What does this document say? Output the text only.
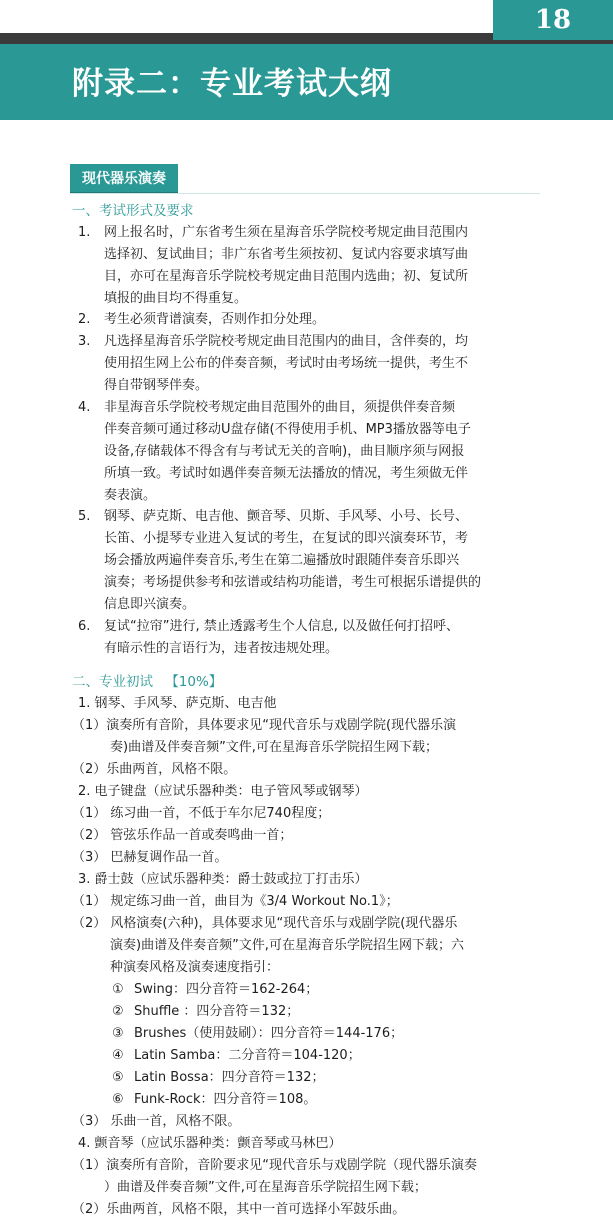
18
附录二：专业考试大纲
现代器乐演奏
一、考试形式及要求
1. 网上报名时，广东省考生须在星海音乐学院校考规定曲目范围内
选择初、复试曲目；非广东省考生须按初、复试内容要求填写曲
目，亦可在星海音乐学院校考规定曲目范围内选曲；初、复试所
填报的曲目均不得重复。
2. 考生必须背谱演奏，否则作扣分处理。
3. 凡选择星海音乐学院校考规定曲目范围内的曲目，含伴奏的，均
使用招生网上公布的伴奏音频，考试时由考场统一提供，考生不
得自带钢琴伴奏。
4. 非星海音乐学院校考规定曲目范围外的曲目，须提供伴奏音频
伴奏音频可通过移动U盘存储(不得使用手机、MP3播放器等电子
设备,存储载体不得含有与考试无关的音响)，曲目顺序须与网报
所填一致。考试时如遇伴奏音频无法播放的情况，考生须做无伴
奏表演。
5. 钢琴、萨克斯、电吉他、颤音琴、贝斯、手风琴、小号、长号、
长笛、小提琴专业进入复试的考生，在复试的即兴演奏环节，考
场会播放两遍伴奏音乐,考生在第二遍播放时跟随伴奏音乐即兴
演奏；考场提供参考和弦谱或结构功能谱，考生可根据乐谱提供的
信息即兴演奏。
6. 复试“拉帘”进行, 禁止透露考生个人信息, 以及做任何打招呼、
有暗示性的言语行为，违者按违规处理。
二、专业初试 【10%】
1. 钢琴、手风琴、萨克斯、电吉他
（1）演奏所有音阶，具体要求见“现代音乐与戏剧学院(现代器乐演
奏)曲谱及伴奏音频”文件,可在星海音乐学院招生网下载；
（2）乐曲两首，风格不限。
2. 电子键盘（应试乐器种类：电子管风琴或钢琴）
（1） 练习曲一首，不低于车尔尼740程度；
（2） 管弦乐作品一首或奏鸣曲一首；
（3） 巴赫复调作品一首。
3. 爵士鼓（应试乐器种类：爵士鼓或拉丁打击乐）
（1） 规定练习曲一首，曲目为《3/4 Workout No.1》；
（2） 风格演奏(六种)，具体要求见“现代音乐与戏剧学院(现代器乐
演奏)曲谱及伴奏音频”文件,可在星海音乐学院招生网下载；六
种演奏风格及演奏速度指引：
① Swing：四分音符＝162-264；
② Shuffle ：四分音符＝132；
③ Brushes（使用鼓刷）：四分音符＝144-176；
④ Latin Samba：二分音符＝104-120；
⑤ Latin Bossa：四分音符＝132；
⑥ Funk-Rock：四分音符＝108。
（3） 乐曲一首，风格不限。
4. 颤音琴（应试乐器种类：颤音琴或马林巴）
（1）演奏所有音阶，音阶要求见“现代音乐与戏剧学院（现代器乐演奏
）曲谱及伴奏音频”文件,可在星海音乐学院招生网下载；
（2）乐曲两首，风格不限，其中一首可选择小军鼓乐曲。
